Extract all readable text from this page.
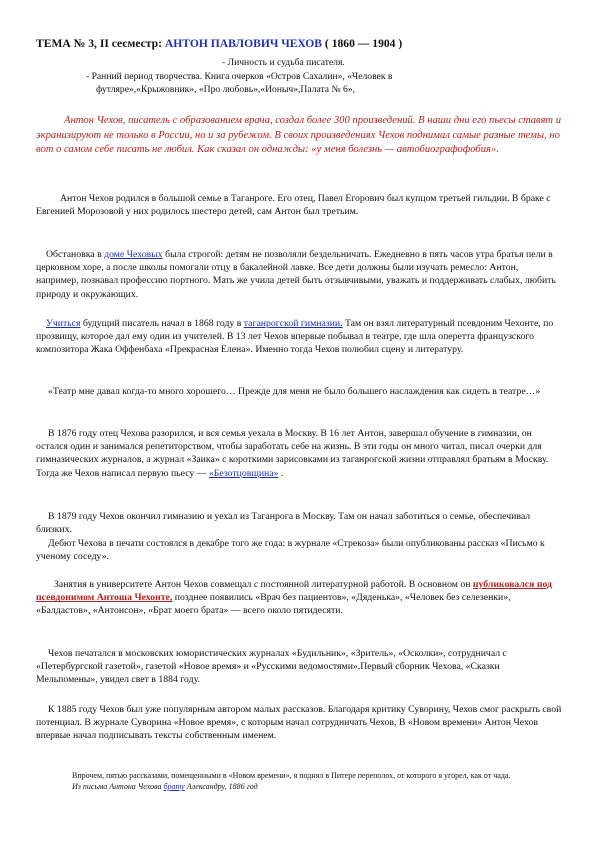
ТЕМА № 3, II сесместр: АНТОН ПАВЛОВИЧ ЧЕХОВ ( 1860 — 1904 )
- Личность и судьба писателя.
- Ранний период творчества. Книга очерков «Остров Сахалин», «Человек в
футляре»,«Крыжовник», «Про любовь»,«Ионыч»,Палата № 6»,
Антон Чехов, писатель с образованием врача, создал более 300 произведений. В наши дни его пьесы ставят и экранизируют не только в России, но и за рубежом. В своих произведениях Чехов поднимал самые разные темы, но вот о самом себе писать не любил. Как сказал он однажды: «у меня болезнь — автобиографофобия».
Антон Чехов родился в большой семье в Таганроге. Его отец, Павел Егорович был купцом третьей гильдии. В браке с Евгенией Морозовой у них родилось шестеро детей, сам Антон был третьим.
Обстановка в доме Чеховых была строгой: детям не позволяли бездельничать. Ежедневно в пять часов утра братья пели в церковном хоре, а после школы помогали отцу в бакалейной лавке. Все дети должны были изучать ремесло: Антон, например, познавал профессию портного. Мать же учила детей быть отзывчивыми, уважать и поддерживать слабых, любить природу и окружающих.
Учиться будущий писатель начал в 1868 году в таганрогской гимназии. Там он взял литературный псевдоним Чехонте, по прозвищу, которое дал ему один из учителей. В 13 лет Чехов впервые побывал в театре, где шла оперетта французского композитора Жака Оффенбаха «Прекрасная Елена». Именно тогда Чехов полюбил сцену и литературу.
«Театр мне давал когда-то много хорошего… Прежде для меня не было большего наслаждения как сидеть в театре…»
В 1876 году отец Чехова разорился, и вся семья уехала в Москву. В 16 лет Антон, завершал обучение в гимназии, он остался один и занимался репетиторством, чтобы заработать себе на жизнь. В эти годы он много читал, писал очерки для гимназических журналов, а журнал «Заика» с короткими зарисовками из таганрогской жизни отправлял братьям в Москву. Тогда же Чехов написал первую пьесу — «Безотцовщина» .
В 1879 году Чехов окончил гимназию и уехал из Таганрога в Москву. Там он начал заботиться о семье, обеспечивал близких.
Дебют Чехова в печати состоялся в декабре того же года: в журнале «Стрекоза» были опубликованы рассказ «Письмо к ученому соседу».
Занятия в университете Антон Чехов совмещал с постоянной литературной работой. В основном он публиковался под псевдонимом Антоша Чехонте, позднее появились «Врач без пациентов», «Дяденька», «Человек без селезенки», «Балдастов», «Антонсон», «Брат моего брата» — всего около пятидесяти.
Чехов печатался в московских юмористических журналах «Будильник», «Зритель», «Осколки», сотрудничал с «Петербургской газетой», газетой «Новое время» и «Русскими ведомостями».Первый сборник Чехова, «Сказки Мельпомены», увидел свет в 1884 году.
К 1885 году Чехов был уже популярным автором малых рассказов. Благодаря критику Суворину, Чехов смог раскрыть свой потенциал. В журнале Суворина «Новое время», с которым начал сотрудничать Чехов, В «Новом времени» Антон Чехов впервые начал подписывать тексты собственным именем.
Впрочем, пятью рассказами, помещенными в «Новом времени», я поднял в Питере переполох, от которого я угорел, как от чада.
Из письма Антона Чехова брату Александру, 1886 год
